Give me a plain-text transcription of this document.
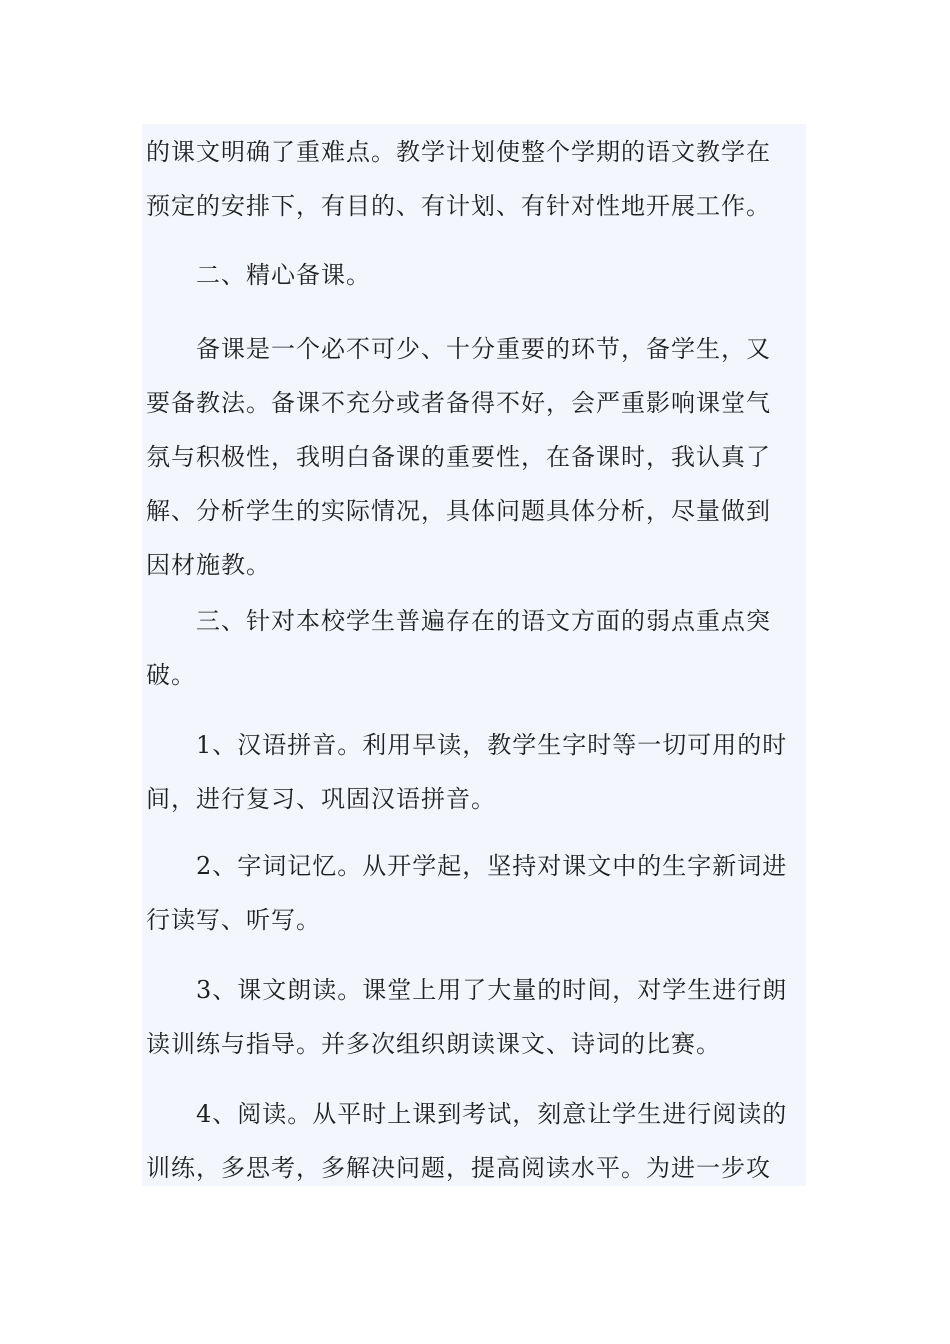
的课文明确了重难点。教学计划使整个学期的语文教学在
预定的安排下，有目的、有计划、有针对性地开展工作。
　　二、精心备课。
　　备课是一个必不可少、十分重要的环节，备学生，又
要备教法。备课不充分或者备得不好，会严重影响课堂气
氛与积极性，我明白备课的重要性，在备课时，我认真了
解、分析学生的实际情况，具体问题具体分析，尽量做到
因材施教。
　　三、针对本校学生普遍存在的语文方面的弱点重点突
破。
　　1、汉语拼音。利用早读，教学生字时等一切可用的时
间，进行复习、巩固汉语拼音。
　　2、字词记忆。从开学起，坚持对课文中的生字新词进
行读写、听写。
　　3、课文朗读。课堂上用了大量的时间，对学生进行朗
读训练与指导。并多次组织朗读课文、诗词的比赛。
　　4、阅读。从平时上课到考试，刻意让学生进行阅读的
训练，多思考，多解决问题，提高阅读水平。为进一步攻
